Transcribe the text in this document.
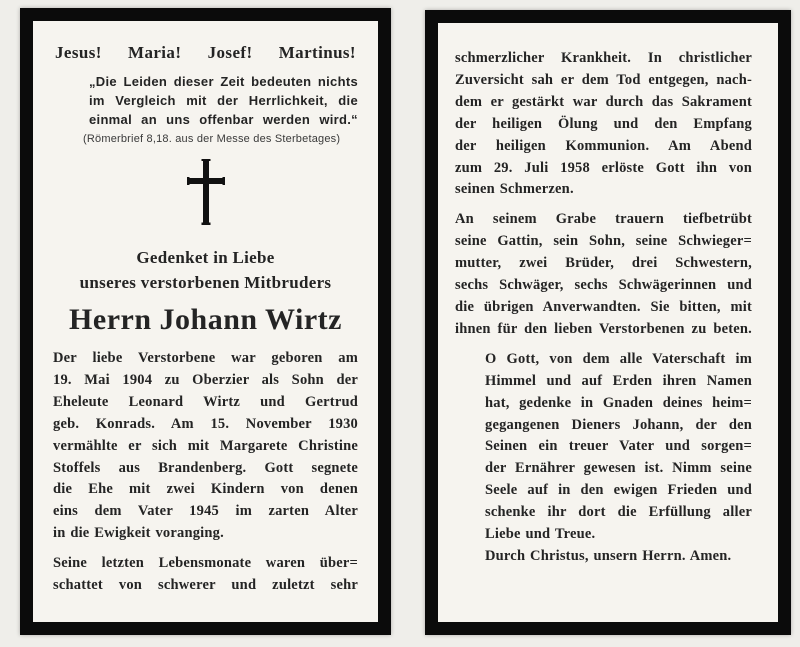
Jesus! Maria! Josef! Martinus!
„Die Leiden dieser Zeit bedeuten nichts
im Vergleich mit der Herrlichkeit, die
einmal an uns offenbar werden wird.“
(Römerbrief 8,18. aus der Messe des Sterbetages)
Gedenket in Liebe
unseres verstorbenen Mitbruders
Herrn Johann Wirtz
Der liebe Verstorbene war geboren am
19. Mai 1904 zu Oberzier als Sohn der
Eheleute Leonard Wirtz und Gertrud
geb. Konrads. Am 15. November 1930
vermählte er sich mit Margarete Christine
Stoffels aus Brandenberg. Gott segnete
die Ehe mit zwei Kindern von denen
eins dem Vater 1945 im zarten Alter
in die Ewigkeit voranging.
Seine letzten Lebensmonate waren über=
schattet von schwerer und zuletzt sehr
schmerzlicher Krankheit. In christlicher
Zuversicht sah er dem Tod entgegen, nach-
dem er gestärkt war durch das Sakrament
der heiligen Ölung und den Empfang
der heiligen Kommunion. Am Abend
zum 29. Juli 1958 erlöste Gott ihn von
seinen Schmerzen.
An seinem Grabe trauern tiefbetrübt
seine Gattin, sein Sohn, seine Schwieger=
mutter, zwei Brüder, drei Schwestern,
sechs Schwäger, sechs Schwägerinnen und
die übrigen Anverwandten. Sie bitten, mit
ihnen für den lieben Verstorbenen zu beten.
O Gott, von dem alle Vaterschaft im
Himmel und auf Erden ihren Namen
hat, gedenke in Gnaden deines heim=
gegangenen Dieners Johann, der den
Seinen ein treuer Vater und sorgen=
der Ernährer gewesen ist. Nimm seine
Seele auf in den ewigen Frieden und
schenke ihr dort die Erfüllung aller
Liebe und Treue.
Durch Christus, unsern Herrn. Amen.
